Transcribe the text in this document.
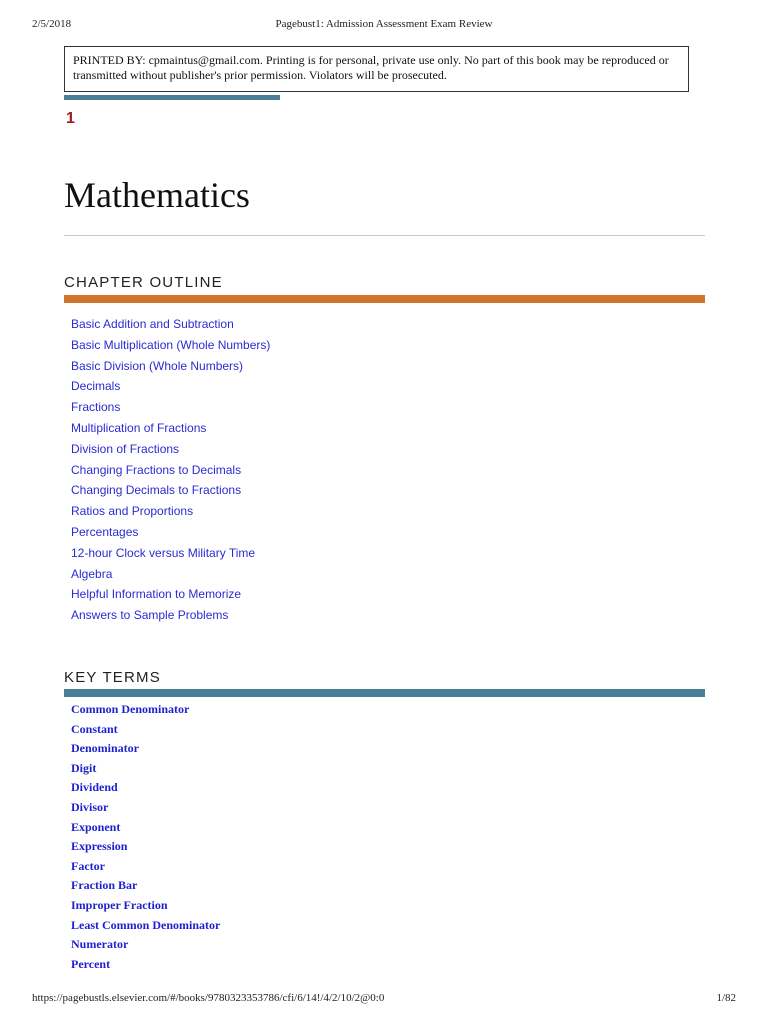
2/5/2018	Pagebust1: Admission Assessment Exam Review
PRINTED BY: cpmaintus@gmail.com. Printing is for personal, private use only. No part of this book may be reproduced or transmitted without publisher's prior permission. Violators will be prosecuted.
1
Mathematics
CHAPTER OUTLINE
Basic Addition and Subtraction
Basic Multiplication (Whole Numbers)
Basic Division (Whole Numbers)
Decimals
Fractions
Multiplication of Fractions
Division of Fractions
Changing Fractions to Decimals
Changing Decimals to Fractions
Ratios and Proportions
Percentages
12-hour Clock versus Military Time
Algebra
Helpful Information to Memorize
Answers to Sample Problems
KEY TERMS
Common Denominator
Constant
Denominator
Digit
Dividend
Divisor
Exponent
Expression
Factor
Fraction Bar
Improper Fraction
Least Common Denominator
Numerator
Percent
https://pagebustls.elsevier.com/#/books/9780323353786/cfi/6/14!/4/2/10/2@0:0	1/82
